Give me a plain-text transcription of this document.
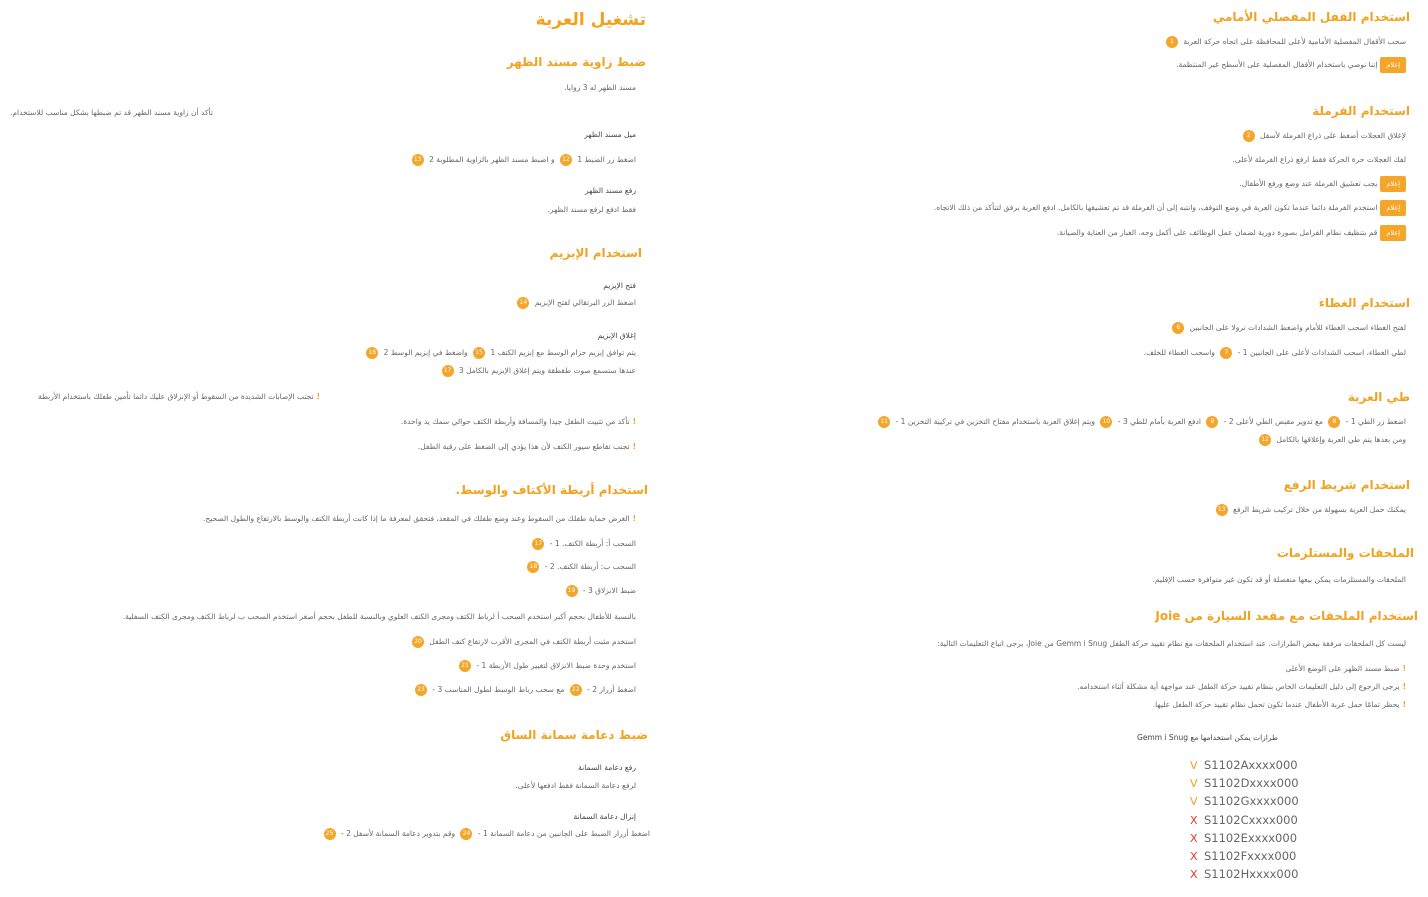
تشغيل العربة
ضبط زاوية مسند الظهر
مسند الظهر له 3 زوايا.
تأكد أن زاوية مسند الظهر قد تم ضبطها بشكل مناسب للاستخدام.
ميل مسند الظهر
اضغط زر الضبط 1 12 و اضبط مسند الظهر بالزاوية المطلوبة 2 13
رفع مسند الظهر
فقط ادفع لرفع مسند الظهر.
استخدام الإبزيم
فتح الإبزيم
اضغط الزر البرتقالي لفتح الإبزيم 14
إغلاق الإبزيم
يتم توافق إبزيم حزام الوسط مع إبزيم الكتف 1 15 واضغط في إبزيم الوسط 2 16
عندها ستسمع صوت طقطقة ويتم إغلاق الإبزيم بالكامل 3 17
!تجنب الإصابات الشديدة من السقوط أو الإنزلاق عليك دائما تأمين طفلك باستخدام الأربطة
!تأكد من تثبيت الطفل جيدا والمسافة وأربطة الكتف حوالي سمك يد واحدة.
!تجنب تقاطع سيور الكتف لأن هذا يؤدي إلى الضغط على رقبة الطفل.
استخدام أربطة الأكتاف والوسط.
!الغرض حماية طفلك من السقوط وعند وضع طفلك في المقعد، فتحقق لمعرفة ما إذا كانت أربطة الكتف والوسط بالارتفاع والطول الصحيح.
السحب أ: أربطة الكتف. 1 - 17
السحب ب: أربطة الكتف. 2 - 18
ضبط الانزلاق 3 - 19
بالنسبة للأطفال بحجم أكبر استخدم السحب أ لرباط الكتف ومجرى الكتف العلوي وبالنسبة للطفل بحجم أصغر استخدم السحب ب لرباط الكتف ومجرى الكتف السفلية.
استخدم مثبت أربطة الكتف في المجرى الأقرب لارتفاع كتف الطفل 20
استخدم وحدة ضبط الانزلاق لتغيير طول الأربطة 1 - 21
اضغط أزرار 2 - 22 مع سحب رباط الوسط لطول المناسب 3 - 23
ضبط دعامة سمانة الساق
رفع دعامة السمانة
لرفع دعامة السمانة فقط ادفعها لأعلى.
إنزال دعامة السمانة
اضغط أزرار الضبط على الجانبين من دعامة السمانة 1 - 24 وقم بتدوير دعامة السمانة لأسفل 2 - 25
استخدام القفل المفصلي الأمامي
سحب الأقفال المفصلية الأمامية لأعلى للمحافظة على اتجاه حركة العربة 1
إعلامإننا نوصي باستخدام الأقفال المفصلية على الأسطح غير المنتظمة.
استخدام الفرملة
لإغلاق العجلات أضغط على ذراع الفرملة لأسفل 2
لفك العجلات حرة الحركة فقط ارفع ذراع الفرملة لأعلى.
إعلاميجب تعشيق الفرملة عند وضع ورفع الأطفال.
إعلاماستخدم الفرملة دائما عندما تكون العربة في وضع التوقف، وانتبه إلى أن الفرملة قد تم تعشيقها بالكامل. ادفع العربة برفق لتتأكد من ذلك الاتجاه.
إعلامقم بتنظيف نظام الفرامل بصورة دورية لضمان عمل الوظائف على أكمل وجه، الغبار من العناية والصيانة.
استخدام الغطاء
لفتح الغطاء اسحب الغطاء للأمام واضغط الشدادات ترولا على الجانبين 6
لطي الغطاء، اسحب الشدادات لأعلى على الجانبين 1 - 7 واسحب الغطاء للخلف.
طي العربة
اضغط زر الطي 1 - 8 مع تدوير مقبض الطي لأعلى 2 - 9 ادفع العربة بأمام للطي 3 - 10 ويتم إغلاق العربة باستخدام مفتاح التخزين في تركيبة التخزين 1 - 11
ومن بعدها يتم طي العربة وإغلاقها بالكامل 12
استخدام شريط الرفع
يمكنك حمل العربة بسهولة من خلال تركيب شريط الرفع 13
الملحقات والمستلزمات
الملحقات والمستلزمات يمكن بيعها منفصلة أو قد تكون غير متوافرة حسب الإقليم.
استخدام الملحقات مع مقعد السيارة من Joie
ليست كل الملحقات مرفقة ببعض الطرازات. عند استخدام الملحقات مع نظام تقييد حركة الطفل Gemm i Snug من Joie، يرجى اتباع التعليمات التالية:
!ضبط مسند الظهر على الوضع الأعلى
!يرجى الرجوع إلى دليل التعليمات الخاص بنظام تقييد حركة الطفل عند مواجهة أية مشكلة أثناء استخدامه.
!يحظر تمامًا حمل عربة الأطفال عندما تكون تحمل نظام تقييد حركة الطفل عليها.
طرازات يمكن استخدامها مع Gemm i Snug
V S1102Axxxx000
V S1102Dxxxx000
V S1102Gxxxx000
X S1102Cxxxx000
X S1102Exxxx000
X S1102Fxxxx000
X S1102Hxxxx000
